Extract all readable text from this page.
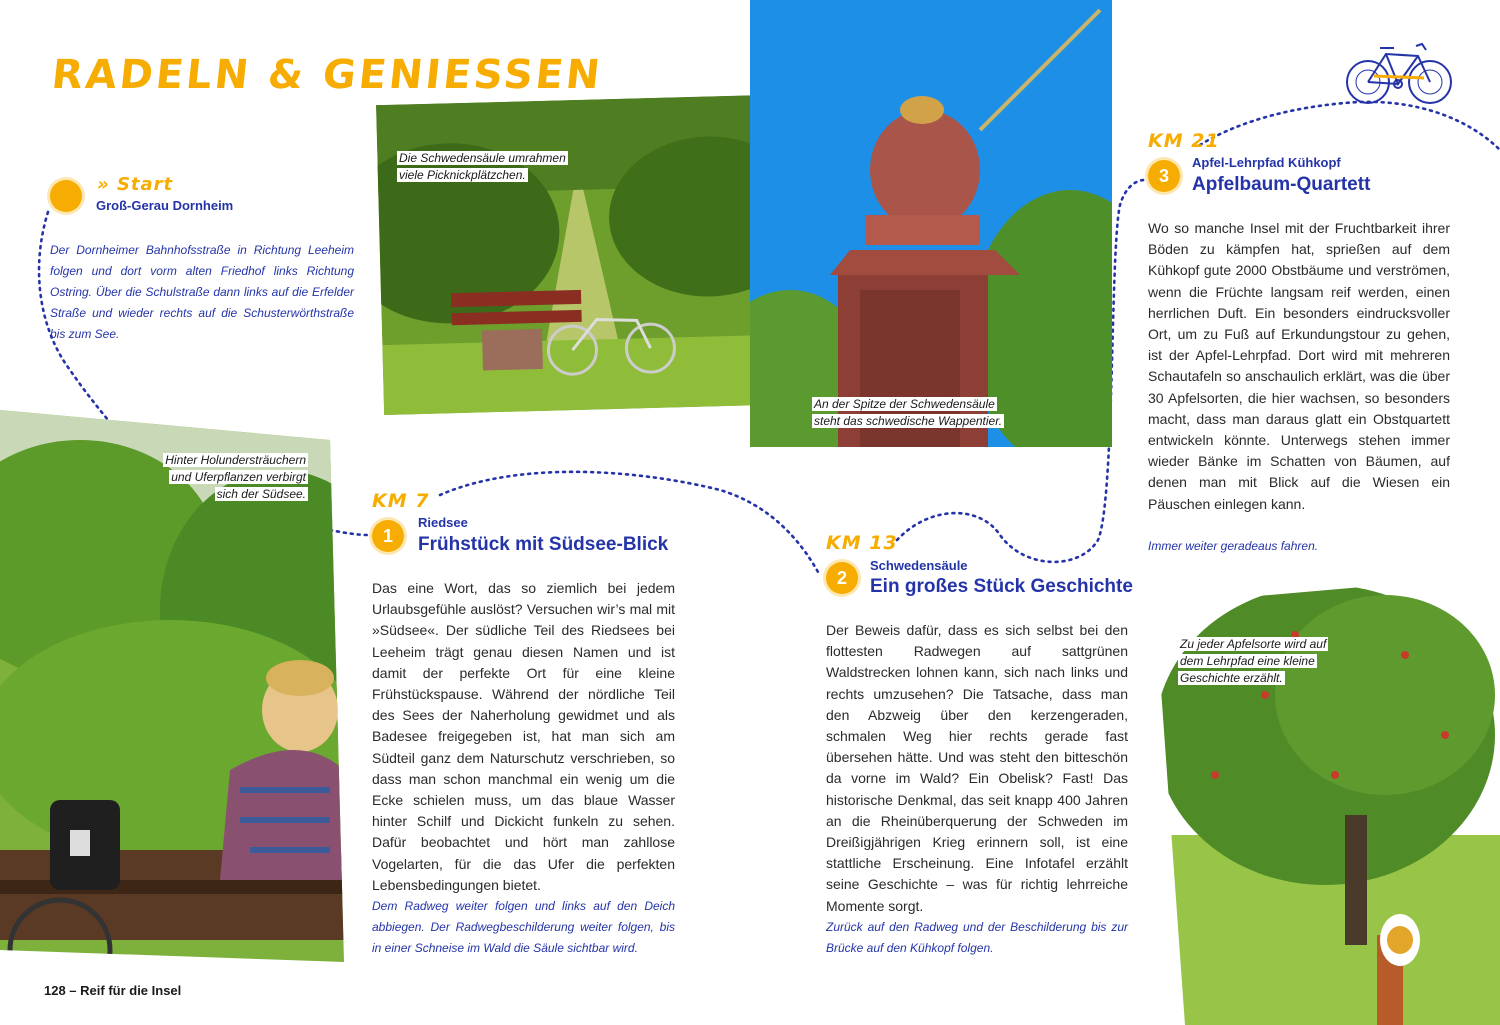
RADELN & GENIESSEN
» Start
Groß-Gerau Dornheim
Der Dornheimer Bahnhofsstraße in Richtung Leeheim folgen und dort vorm alten Friedhof links Richtung Ostring. Über die Schulstraße dann links auf die Erfelder Straße und wieder rechts auf die Schusterwörthstraße bis zum See.
Die Schwedensäule umrahmen viele Picknickplätzchen.
An der Spitze der Schwedensäule steht das schwedische Wappentier.
Hinter Holundersträuchern und Uferpflanzen verbirgt sich der Südsee.
Zu jeder Apfelsorte wird auf dem Lehrpfad eine kleine Geschichte erzählt.
KM 7
1
Riedsee
Frühstück mit Südsee-Blick
Das eine Wort, das so ziemlich bei jedem Urlaubsgefühle auslöst? Versuchen wir’s mal mit »Südsee«. Der südliche Teil des Riedsees bei Leeheim trägt genau diesen Namen und ist damit der perfekte Ort für eine kleine Frühstückspause. Während der nördliche Teil des Sees der Naherholung gewidmet und als Badesee freigegeben ist, hat man sich am Südteil ganz dem Naturschutz verschrieben, so dass man schon manchmal ein wenig um die Ecke schielen muss, um das blaue Wasser hinter Schilf und Dickicht funkeln zu sehen. Dafür beobachtet und hört man zahllose Vogelarten, für die das Ufer die perfekten Lebensbedingungen bietet.
Dem Radweg weiter folgen und links auf den Deich abbiegen. Der Radwegbeschilderung weiter folgen, bis in einer Schneise im Wald die Säule sichtbar wird.
KM 13
2
Schwedensäule
Ein großes Stück Geschichte
Der Beweis dafür, dass es sich selbst bei den flottesten Radwegen auf sattgrünen Waldstrecken lohnen kann, sich nach links und rechts umzusehen? Die Tatsache, dass man den Abzweig über den kerzengeraden, schmalen Weg hier rechts gerade fast übersehen hätte. Und was steht den bitteschön da vorne im Wald? Ein Obelisk? Fast! Das historische Denkmal, das seit knapp 400 Jahren an die Rheinüberquerung der Schweden im Dreißigjährigen Krieg erinnern soll, ist eine stattliche Erscheinung. Eine Infotafel erzählt seine Geschichte – was für richtig lehrreiche Momente sorgt.
Zurück auf den Radweg und der Beschilderung bis zur Brücke auf den Kühkopf folgen.
KM 21
3
Apfel-Lehrpfad Kühkopf
Apfelbaum-Quartett
Wo so manche Insel mit der Fruchtbarkeit ihrer Böden zu kämpfen hat, sprießen auf dem Kühkopf gute 2000 Obstbäume und verströmen, wenn die Früchte langsam reif werden, einen herrlichen Duft. Ein besonders eindrucksvoller Ort, um zu Fuß auf Erkundungstour zu gehen, ist der Apfel-Lehrpfad. Dort wird mit mehreren Schautafeln so anschaulich erklärt, was die über 30 Apfelsorten, die hier wachsen, so besonders macht, dass man daraus glatt ein Obstquartett entwickeln könnte. Unterwegs stehen immer wieder Bänke im Schatten von Bäumen, auf denen man mit Blick auf die Wiesen ein Päuschen einlegen kann.
Immer weiter geradeaus fahren.
128 – Reif für die Insel
